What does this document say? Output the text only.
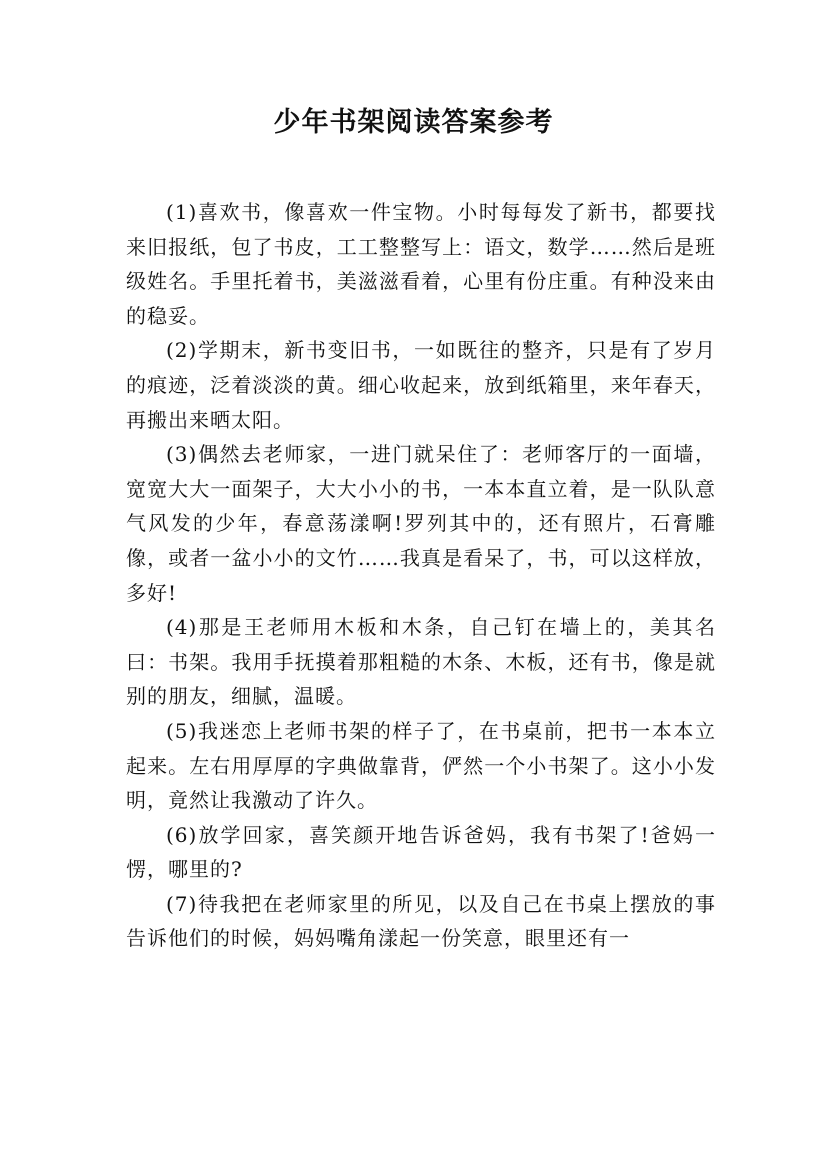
少年书架阅读答案参考

(1)喜欢书，像喜欢一件宝物。小时每每发了新书，都要找来旧报纸，包了书皮，工工整整写上：语文，数学……然后是班级姓名。手里托着书，美滋滋看着，心里有份庄重。有种没来由的稳妥。

(2)学期末，新书变旧书，一如既往的整齐，只是有了岁月的痕迹，泛着淡淡的黄。细心收起来，放到纸箱里，来年春天，再搬出来晒太阳。

(3)偶然去老师家，一进门就呆住了：老师客厅的一面墙，宽宽大大一面架子，大大小小的书，一本本直立着，是一队队意气风发的少年，春意荡漾啊!罗列其中的，还有照片，石膏雕像，或者一盆小小的文竹……我真是看呆了，书，可以这样放，多好!

(4)那是王老师用木板和木条，自己钉在墙上的，美其名曰：书架。我用手抚摸着那粗糙的木条、木板，还有书，像是就别的朋友，细腻，温暖。

(5)我迷恋上老师书架的样子了，在书桌前，把书一本本立起来。左右用厚厚的字典做靠背，俨然一个小书架了。这小小发明，竟然让我激动了许久。

(6)放学回家，喜笑颜开地告诉爸妈，我有书架了!爸妈一愣，哪里的?

(7)待我把在老师家里的所见，以及自己在书桌上摆放的事告诉他们的时候，妈妈嘴角漾起一份笑意，眼里还有一
